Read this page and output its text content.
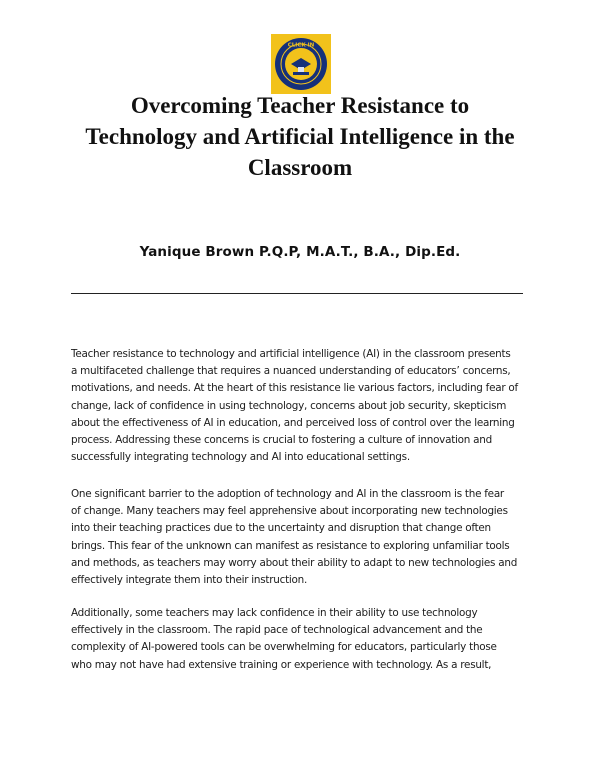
CLICK IN
Overcoming Teacher Resistance to
Technology and Artificial Intelligence in the
Classroom
Yanique Brown P.Q.P, M.A.T., B.A., Dip.Ed.
Teacher resistance to technology and artificial intelligence (AI) in the classroom presents
a multifaceted challenge that requires a nuanced understanding of educators’ concerns,
motivations, and needs. At the heart of this resistance lie various factors, including fear of
change, lack of confidence in using technology, concerns about job security, skepticism
about the effectiveness of AI in education, and perceived loss of control over the learning
process. Addressing these concerns is crucial to fostering a culture of innovation and
successfully integrating technology and AI into educational settings.
One significant barrier to the adoption of technology and AI in the classroom is the fear
of change. Many teachers may feel apprehensive about incorporating new technologies
into their teaching practices due to the uncertainty and disruption that change often
brings. This fear of the unknown can manifest as resistance to exploring unfamiliar tools
and methods, as teachers may worry about their ability to adapt to new technologies and
effectively integrate them into their instruction.
Additionally, some teachers may lack confidence in their ability to use technology
effectively in the classroom. The rapid pace of technological advancement and the
complexity of AI-powered tools can be overwhelming for educators, particularly those
who may not have had extensive training or experience with technology. As a result,
